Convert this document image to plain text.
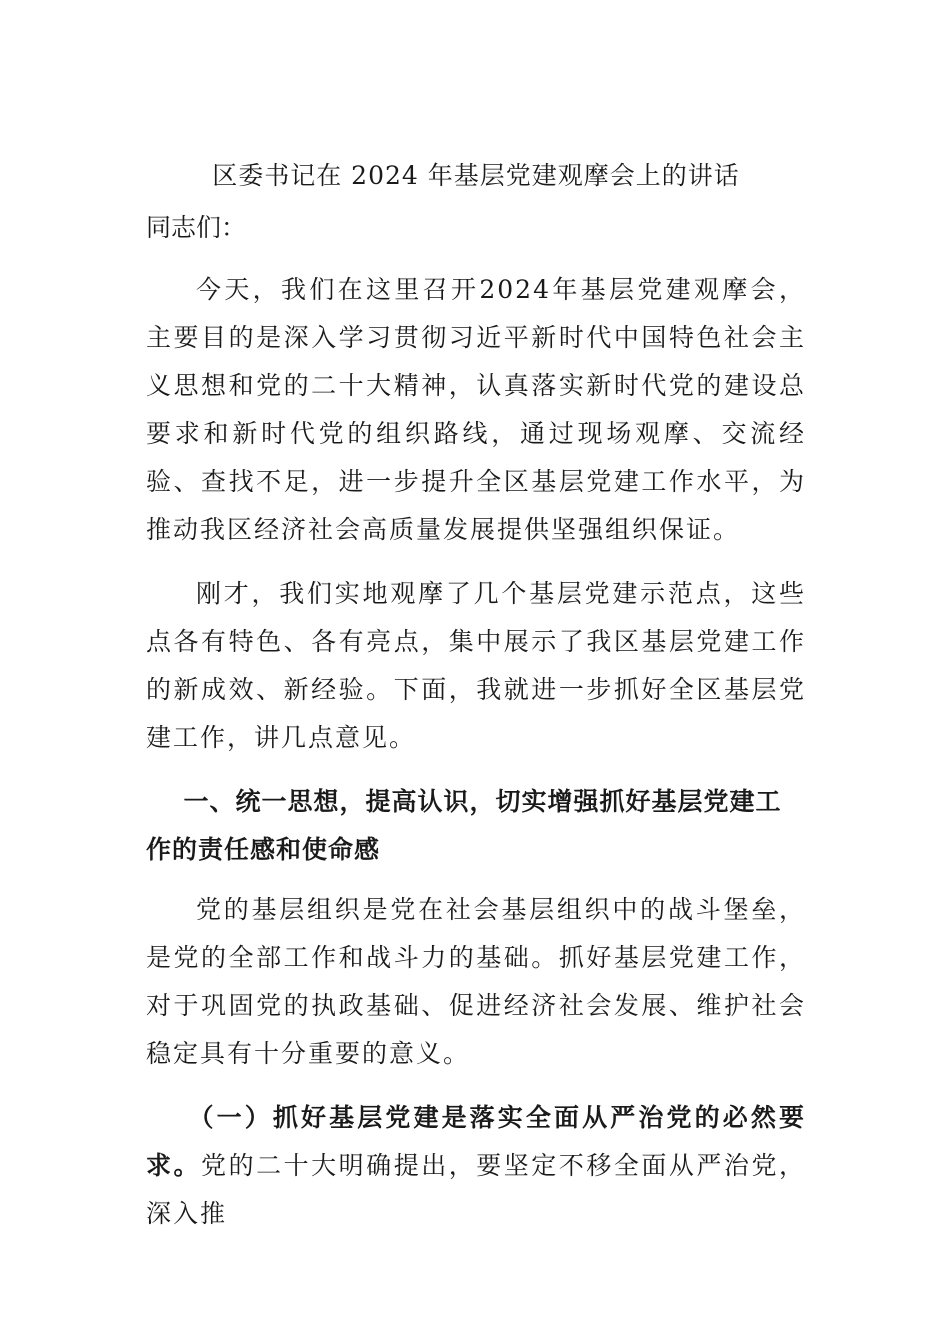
区委书记在 2024 年基层党建观摩会上的讲话

同志们：

今天，我们在这里召开2024年基层党建观摩会，主要目的是深入学习贯彻习近平新时代中国特色社会主义思想和党的二十大精神，认真落实新时代党的建设总要求和新时代党的组织路线，通过现场观摩、交流经验、查找不足，进一步提升全区基层党建工作水平，为推动我区经济社会高质量发展提供坚强组织保证。

刚才，我们实地观摩了几个基层党建示范点，这些点各有特色、各有亮点，集中展示了我区基层党建工作的新成效、新经验。下面，我就进一步抓好全区基层党建工作，讲几点意见。

一、统一思想，提高认识，切实增强抓好基层党建工作的责任感和使命感

党的基层组织是党在社会基层组织中的战斗堡垒，是党的全部工作和战斗力的基础。抓好基层党建工作，对于巩固党的执政基础、促进经济社会发展、维护社会稳定具有十分重要的意义。

（一）抓好基层党建是落实全面从严治党的必然要求。党的二十大明确提出，要坚定不移全面从严治党，深入推
